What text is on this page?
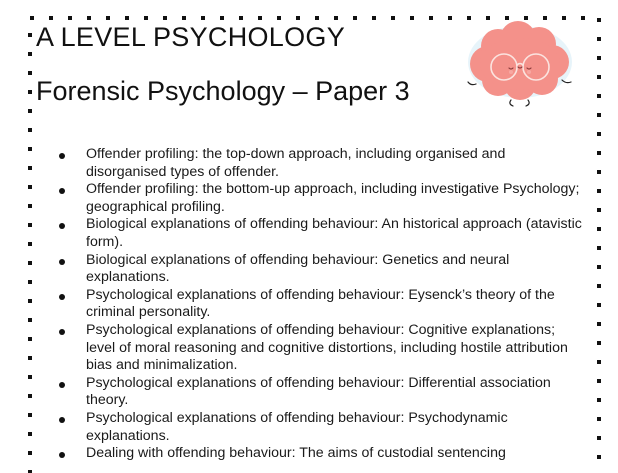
A LEVEL PSYCHOLOGY
Forensic Psychology – Paper 3
Offender profiling: the top-down approach, including organised and disorganised types of offender.
Offender profiling: the bottom-up approach, including investigative Psychology; geographical profiling.
Biological explanations of offending behaviour: An historical approach (atavistic form).
Biological explanations of offending behaviour: Genetics and neural explanations.
Psychological explanations of offending behaviour: Eysenck’s theory of the criminal personality.
Psychological explanations of offending behaviour: Cognitive explanations; level of moral reasoning and cognitive distortions, including hostile attribution bias and minimalization.
Psychological explanations of offending behaviour: Differential association theory.
Psychological explanations of offending behaviour: Psychodynamic explanations.
Dealing with offending behaviour: The aims of custodial sentencing
